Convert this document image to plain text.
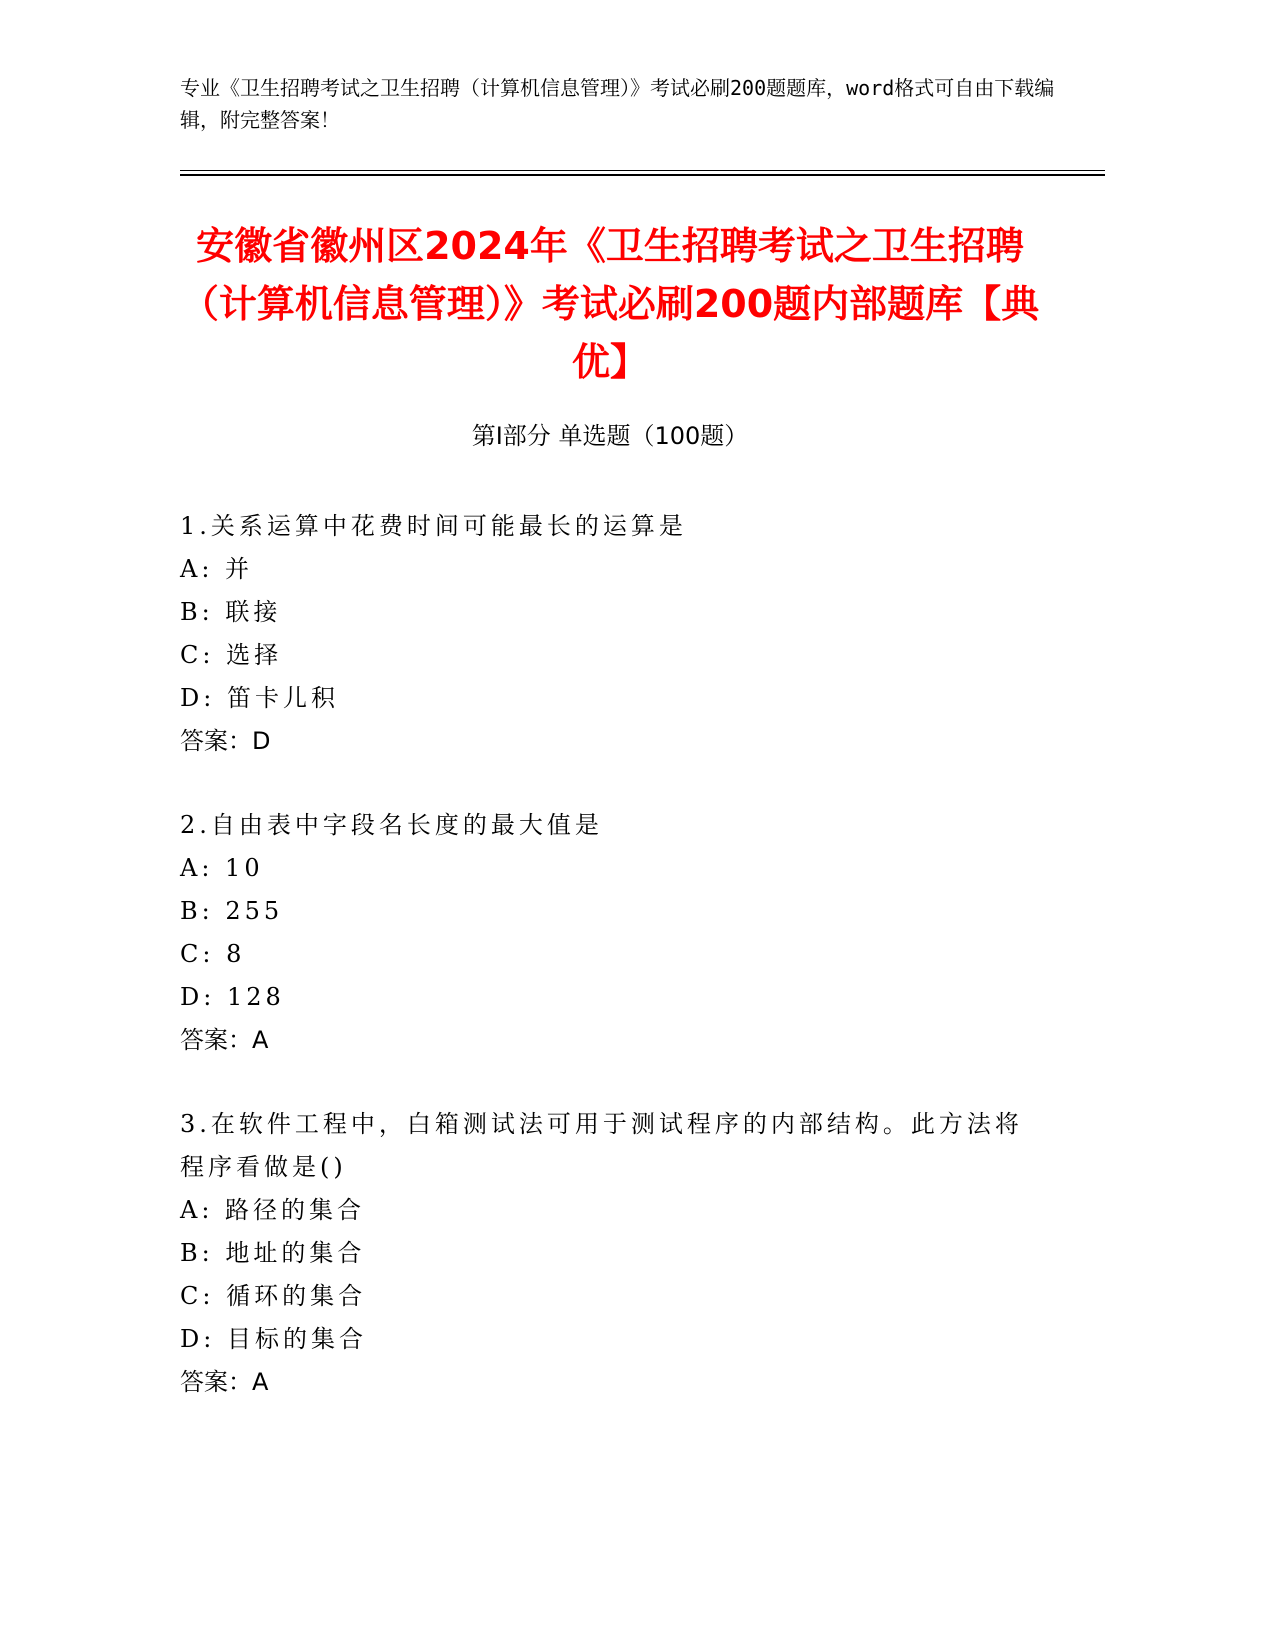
专业《卫生招聘考试之卫生招聘（计算机信息管理）》考试必刷200题题库，word格式可自由下载编辑，附完整答案！
安徽省徽州区2024年《卫生招聘考试之卫生招聘（计算机信息管理）》考试必刷200题内部题库【典优】
第Ⅰ部分 单选题（100题）
1.关系运算中花费时间可能最长的运算是
A: 并
B: 联接
C: 选择
D: 笛卡儿积
答案：D
2.自由表中字段名长度的最大值是
A: 10
B: 255
C: 8
D: 128
答案：A
3.在软件工程中，白箱测试法可用于测试程序的内部结构。此方法将程序看做是()
A: 路径的集合
B: 地址的集合
C: 循环的集合
D: 目标的集合
答案：A
